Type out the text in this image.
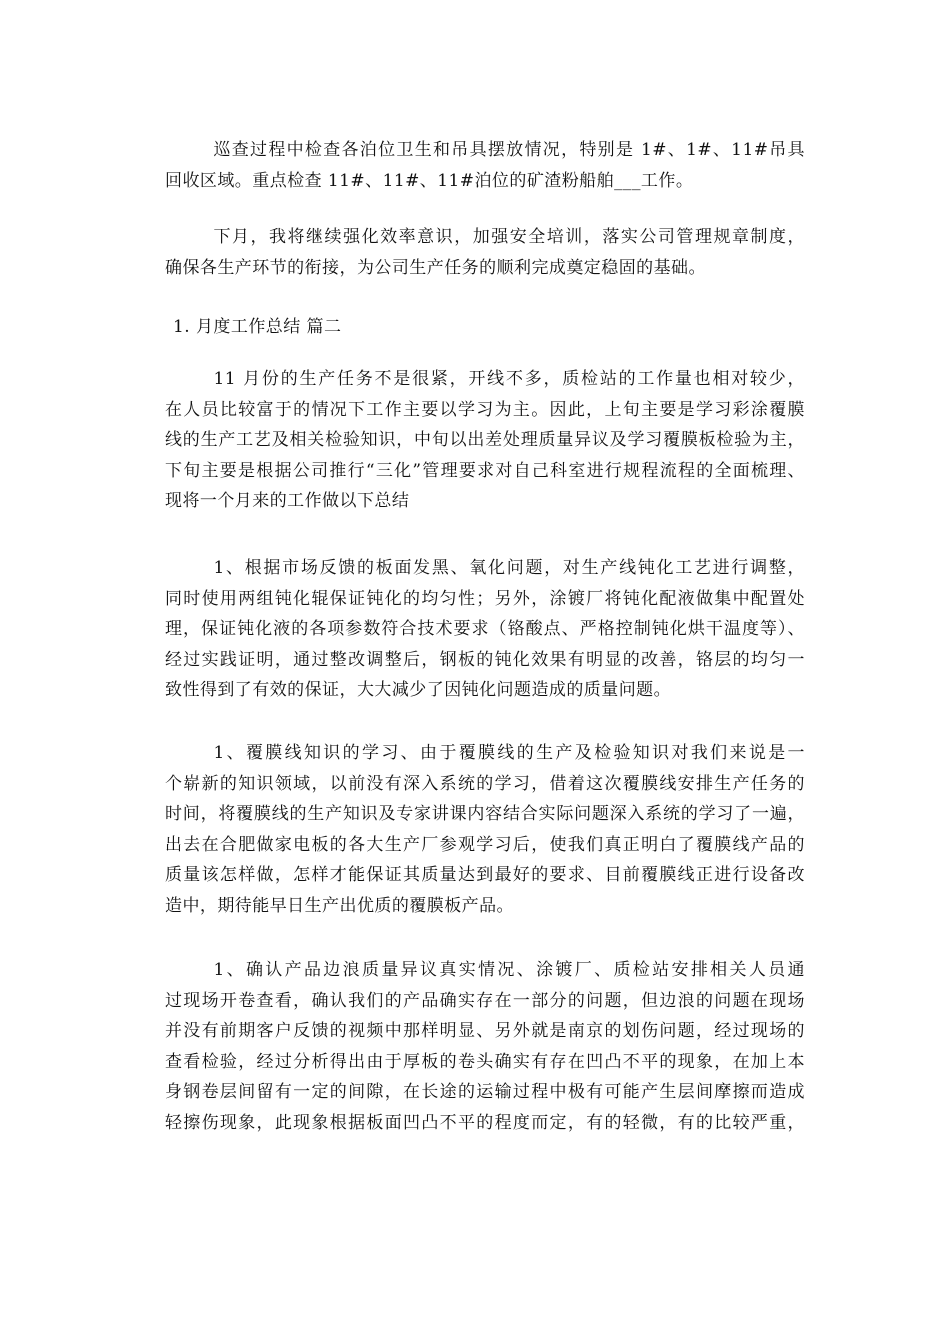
巡查过程中检查各泊位卫生和吊具摆放情况，特别是 1#、1#、11#吊具
回收区域。重点检查 11#、11#、11#泊位的矿渣粉船舶___工作。
下月，我将继续强化效率意识，加强安全培训，落实公司管理规章制度，
确保各生产环节的衔接，为公司生产任务的顺利完成奠定稳固的基础。
1. 月度工作总结 篇二
11 月份的生产任务不是很紧，开线不多，质检站的工作量也相对较少，
在人员比较富于的情况下工作主要以学习为主。因此，上旬主要是学习彩涂覆膜
线的生产工艺及相关检验知识，中旬以出差处理质量异议及学习覆膜板检验为主，
下旬主要是根据公司推行“三化”管理要求对自己科室进行规程流程的全面梳理、
现将一个月来的工作做以下总结
1、根据市场反馈的板面发黑、氧化问题，对生产线钝化工艺进行调整，
同时使用两组钝化辊保证钝化的均匀性；另外，涂镀厂将钝化配液做集中配置处
理，保证钝化液的各项参数符合技术要求（铬酸点、严格控制钝化烘干温度等）、
经过实践证明，通过整改调整后，钢板的钝化效果有明显的改善，铬层的均匀一
致性得到了有效的保证，大大减少了因钝化问题造成的质量问题。
1、覆膜线知识的学习、由于覆膜线的生产及检验知识对我们来说是一
个崭新的知识领域，以前没有深入系统的学习，借着这次覆膜线安排生产任务的
时间，将覆膜线的生产知识及专家讲课内容结合实际问题深入系统的学习了一遍，
出去在合肥做家电板的各大生产厂参观学习后，使我们真正明白了覆膜线产品的
质量该怎样做，怎样才能保证其质量达到最好的要求、目前覆膜线正进行设备改
造中，期待能早日生产出优质的覆膜板产品。
1、确认产品边浪质量异议真实情况、涂镀厂、质检站安排相关人员通
过现场开卷查看，确认我们的产品确实存在一部分的问题，但边浪的问题在现场
并没有前期客户反馈的视频中那样明显、另外就是南京的划伤问题，经过现场的
查看检验，经过分析得出由于厚板的卷头确实有存在凹凸不平的现象，在加上本
身钢卷层间留有一定的间隙，在长途的运输过程中极有可能产生层间摩擦而造成
轻擦伤现象，此现象根据板面凹凸不平的程度而定，有的轻微，有的比较严重，
